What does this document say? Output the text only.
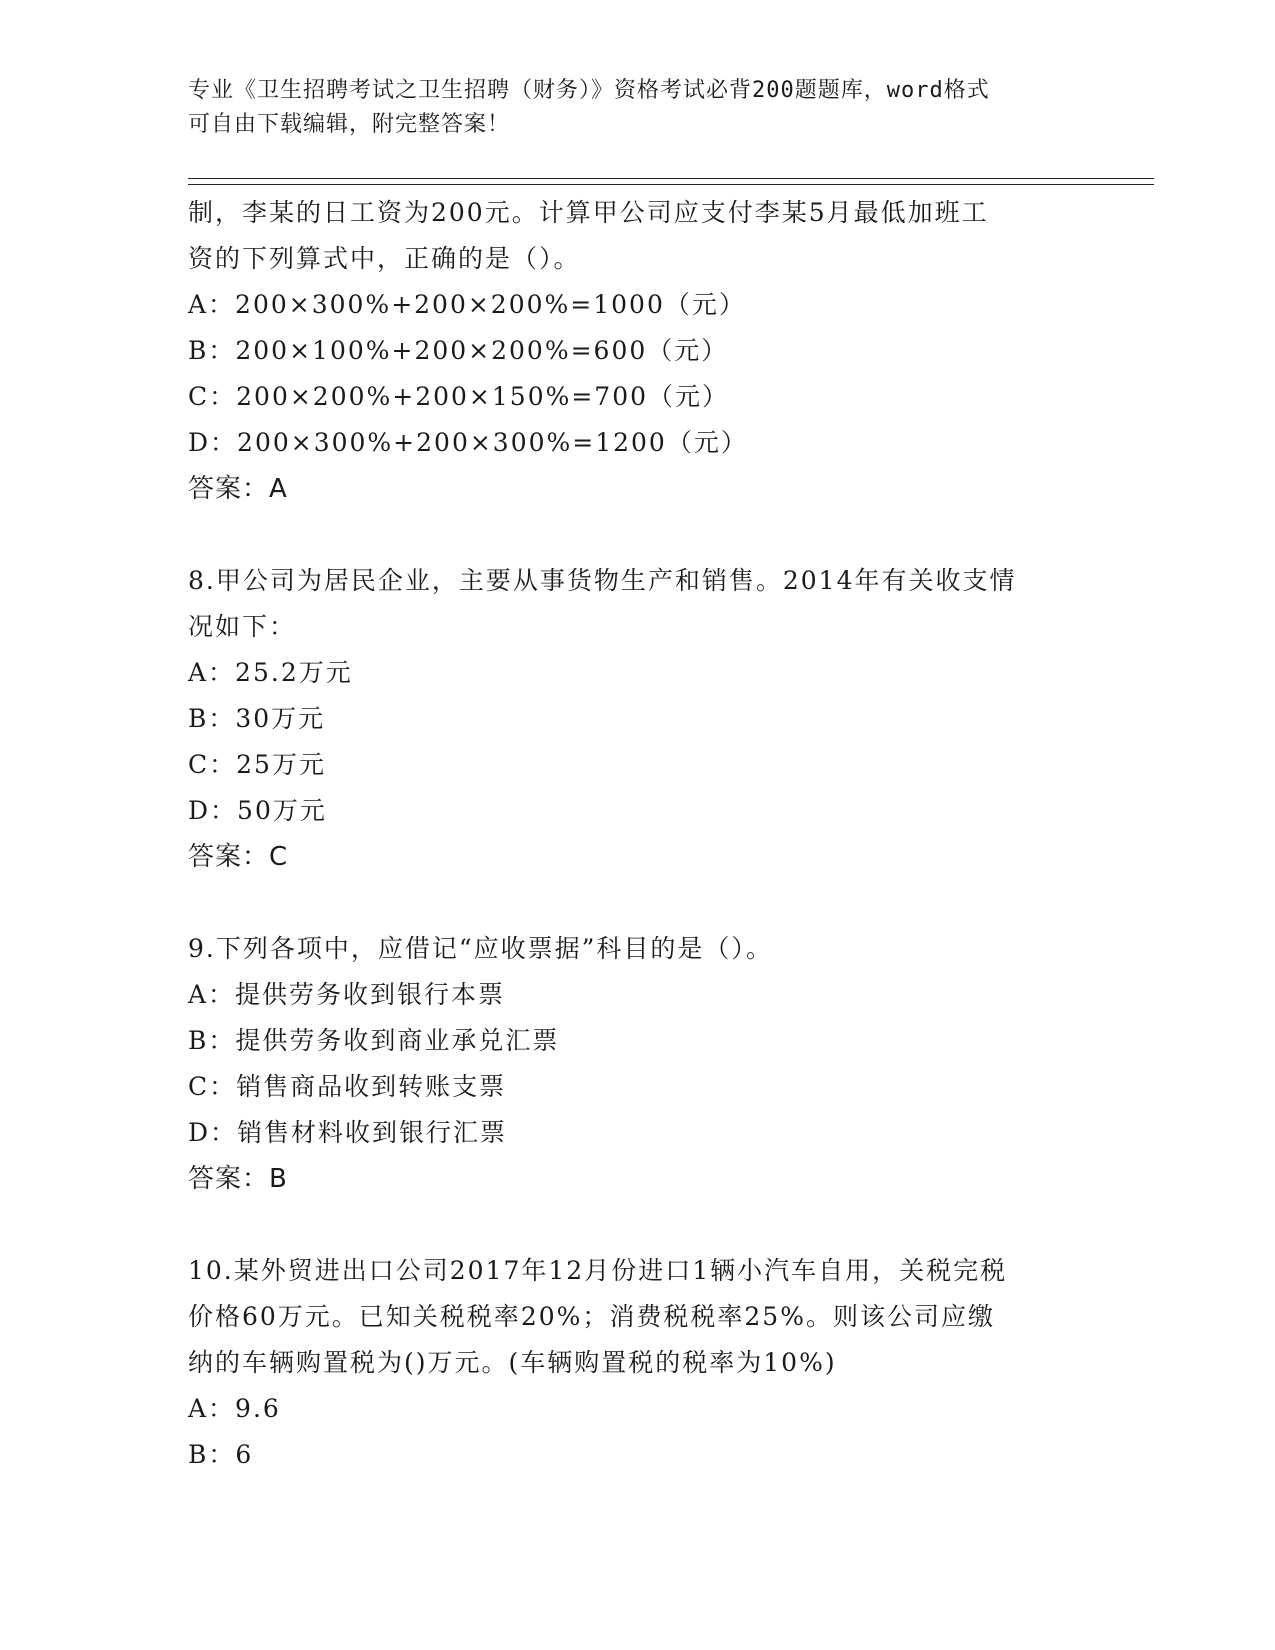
专业《卫生招聘考试之卫生招聘（财务）》资格考试必背200题题库，word格式
可自由下载编辑，附完整答案！
制，李某的日工资为200元。计算甲公司应支付李某5月最低加班工
资的下列算式中，正确的是（）。
A：200×300%+200×200%=1000（元）
B：200×100%+200×200%=600（元）
C：200×200%+200×150%=700（元）
D：200×300%+200×300%=1200（元）
答案：A
8.甲公司为居民企业，主要从事货物生产和销售。2014年有关收支情
况如下：
A：25.2万元
B：30万元
C：25万元
D：50万元
答案：C
9.下列各项中，应借记“应收票据”科目的是（）。
A：提供劳务收到银行本票
B：提供劳务收到商业承兑汇票
C：销售商品收到转账支票
D：销售材料收到银行汇票
答案：B
10.某外贸进出口公司2017年12月份进口1辆小汽车自用，关税完税
价格60万元。已知关税税率20%；消费税税率25%。则该公司应缴
纳的车辆购置税为()万元。(车辆购置税的税率为10%)
A：9.6
B：6
